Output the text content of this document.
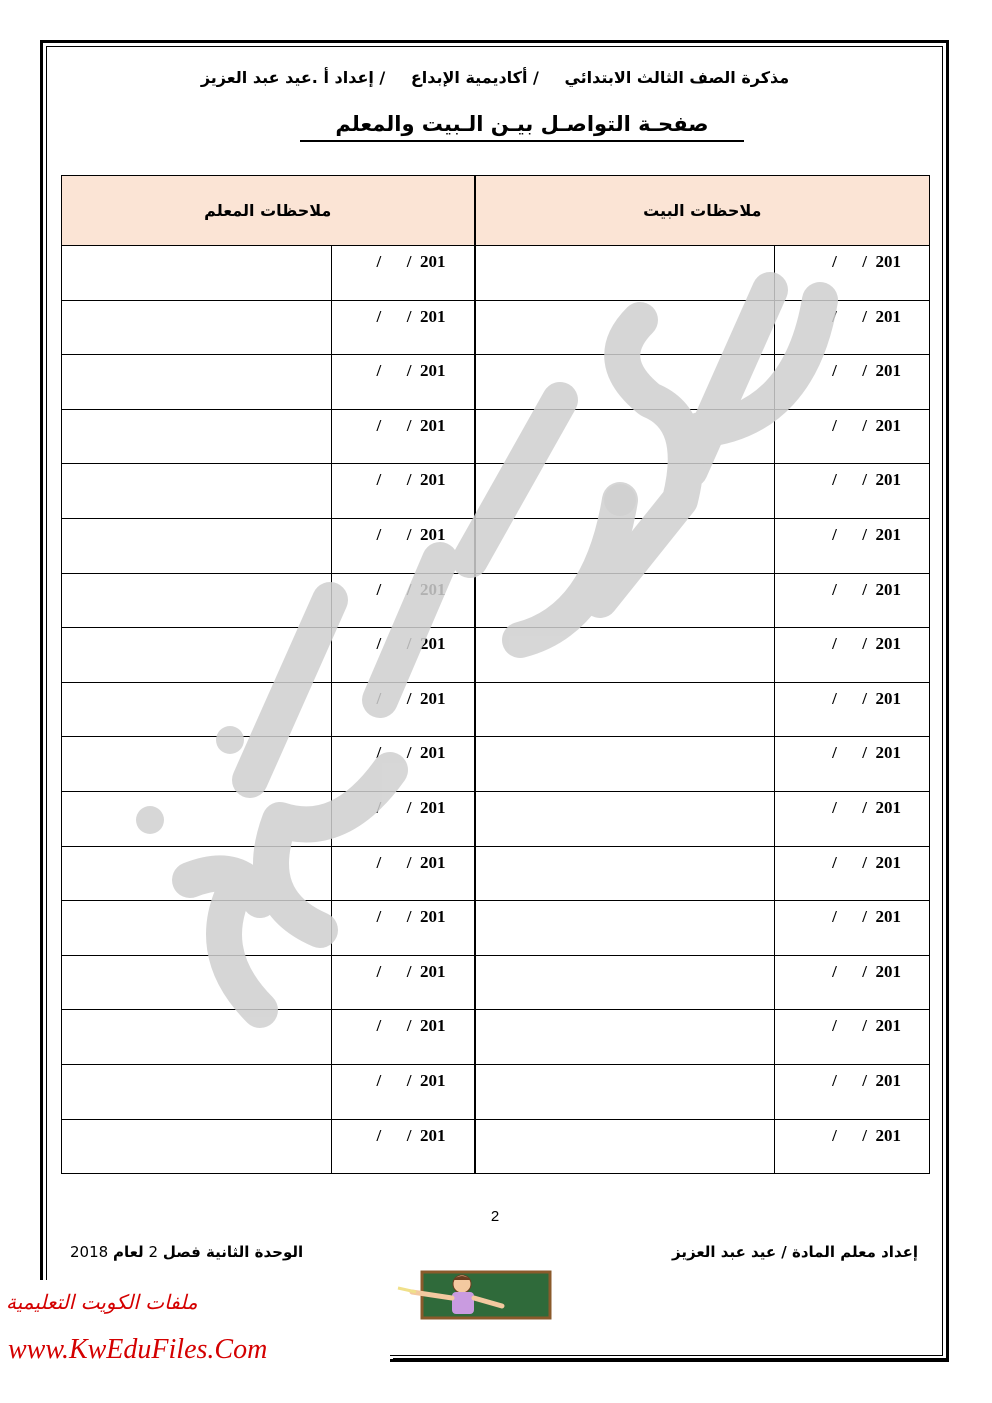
مذكرة الصف الثالث الابتدائي / أكاديمية الإبداع / إعداد أ .عيد عبد العزيز
صفحـة التواصـل بيـن الـبيت والمعلم
ملاحظات المعلم		ملاحظات البيت	

	/      /  201		/      /  201

	/      /  201		/      /  201

	/      /  201		/      /  201

	/      /  201		/      /  201

	/      /  201		/      /  201

	/      /  201		/      /  201

	/      /  201		/      /  201

	/      /  201		/      /  201

	/      /  201		/      /  201

	/      /  201		/      /  201

	/      /  201		/      /  201

	/      /  201		/      /  201

	/      /  201		/      /  201

	/      /  201		/      /  201

	/      /  201		/      /  201

	/      /  201		/      /  201

	/      /  201		/      /  201
2
إعداد معلم المادة / عيد عبد العزيز
الوحدة الثانية فصل 2 لعام 2018
ملفات الكويت التعليمية
www.KwEduFiles.Com
